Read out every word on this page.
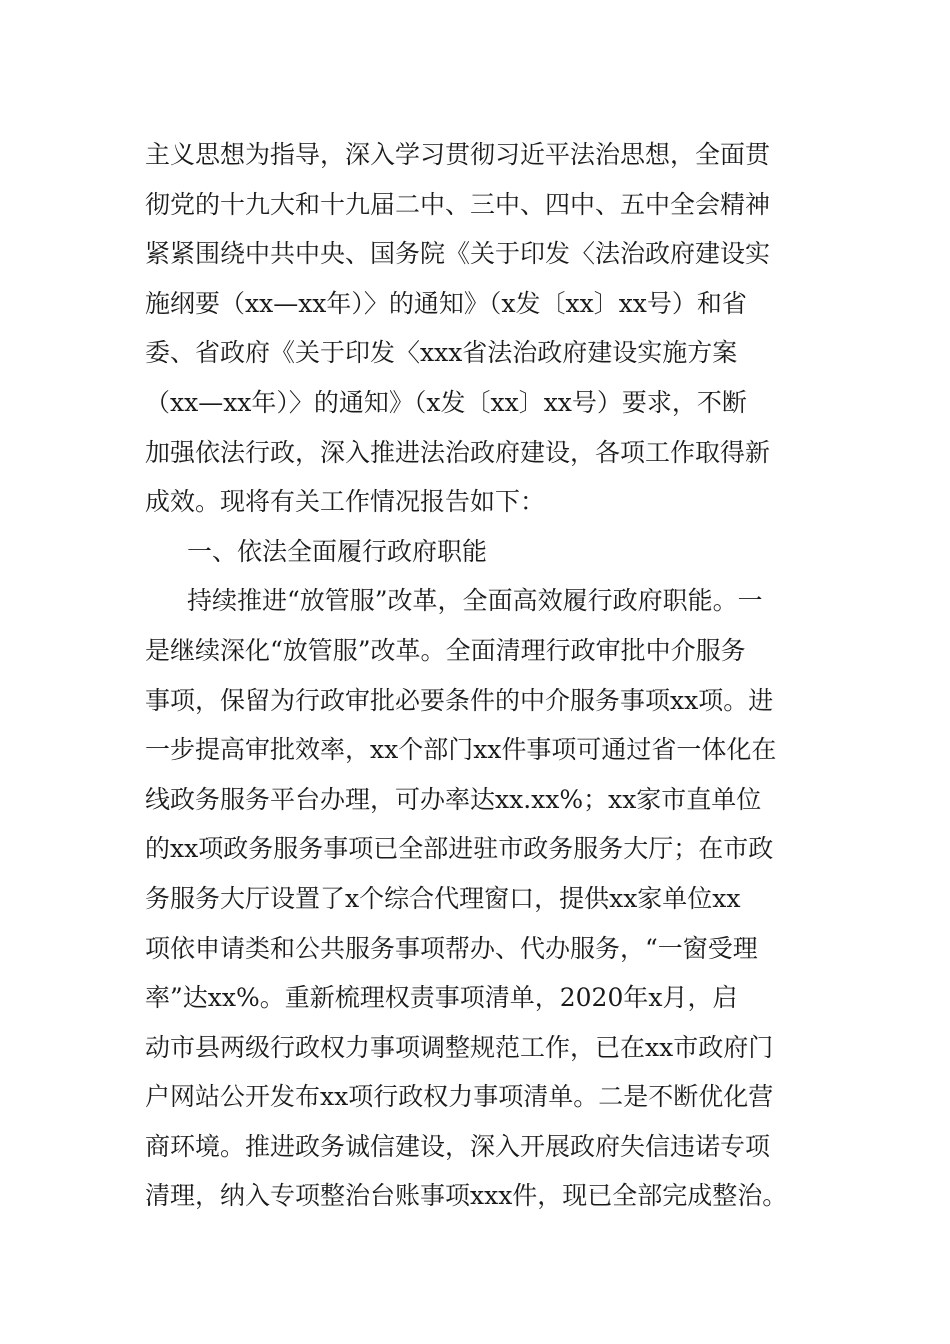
主义思想为指导，深入学习贯彻习近平法治思想，全面贯
彻党的十九大和十九届二中、三中、四中、五中全会精神
紧紧围绕中共中央、国务院《关于印发〈法治政府建设实
施纲要（xx—xx年）〉的通知》（x发〔xx〕xx号）和省
委、省政府《关于印发〈xxx省法治政府建设实施方案
（xx—xx年）〉的通知》（x发〔xx〕xx号）要求，不断
加强依法行政，深入推进法治政府建设，各项工作取得新
成效。现将有关工作情况报告如下：
一、依法全面履行政府职能
持续推进“放管服”改革，全面高效履行政府职能。一
是继续深化“放管服”改革。全面清理行政审批中介服务
事项，保留为行政审批必要条件的中介服务事项xx项。进
一步提高审批效率，xx个部门xx件事项可通过省一体化在
线政务服务平台办理，可办率达xx.xx%；xx家市直单位
的xx项政务服务事项已全部进驻市政务服务大厅；在市政
务服务大厅设置了x个综合代理窗口，提供xx家单位xx
项依申请类和公共服务事项帮办、代办服务，“一窗受理
率”达xx%。重新梳理权责事项清单，2020年x月，启
动市县两级行政权力事项调整规范工作，已在xx市政府门
户网站公开发布xx项行政权力事项清单。二是不断优化营
商环境。推进政务诚信建设，深入开展政府失信违诺专项
清理，纳入专项整治台账事项xxx件，现已全部完成整治。
